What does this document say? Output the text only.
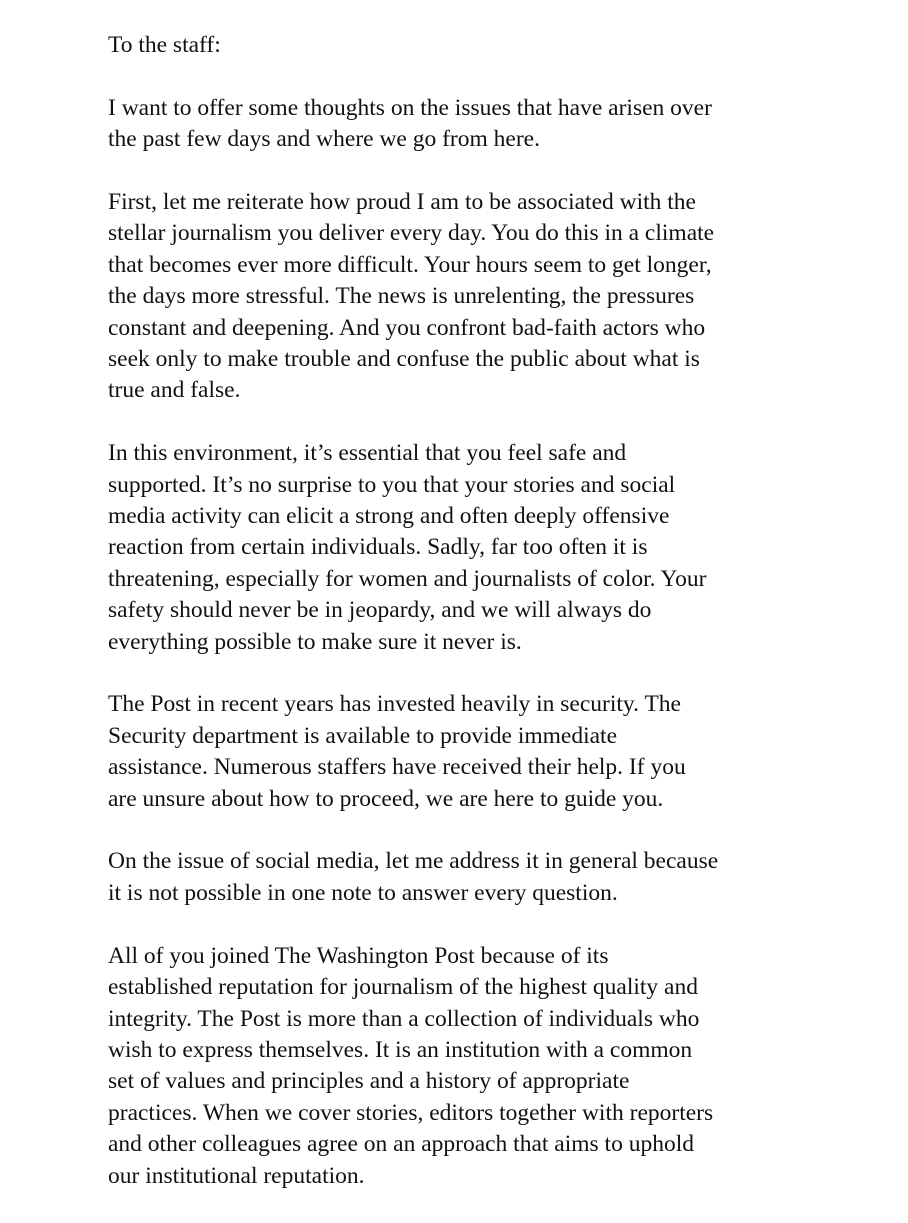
To the staff:

I want to offer some thoughts on the issues that have arisen over
the past few days and where we go from here.

First, let me reiterate how proud I am to be associated with the
stellar journalism you deliver every day. You do this in a climate
that becomes ever more difficult. Your hours seem to get longer,
the days more stressful. The news is unrelenting, the pressures
constant and deepening. And you confront bad-faith actors who
seek only to make trouble and confuse the public about what is
true and false.

In this environment, it’s essential that you feel safe and
supported. It’s no surprise to you that your stories and social
media activity can elicit a strong and often deeply offensive
reaction from certain individuals. Sadly, far too often it is
threatening, especially for women and journalists of color. Your
safety should never be in jeopardy, and we will always do
everything possible to make sure it never is.

The Post in recent years has invested heavily in security. The
Security department is available to provide immediate
assistance. Numerous staffers have received their help. If you
are unsure about how to proceed, we are here to guide you.

On the issue of social media, let me address it in general because
it is not possible in one note to answer every question.

All of you joined The Washington Post because of its
established reputation for journalism of the highest quality and
integrity. The Post is more than a collection of individuals who
wish to express themselves. It is an institution with a common
set of values and principles and a history of appropriate
practices. When we cover stories, editors together with reporters
and other colleagues agree on an approach that aims to uphold
our institutional reputation.
